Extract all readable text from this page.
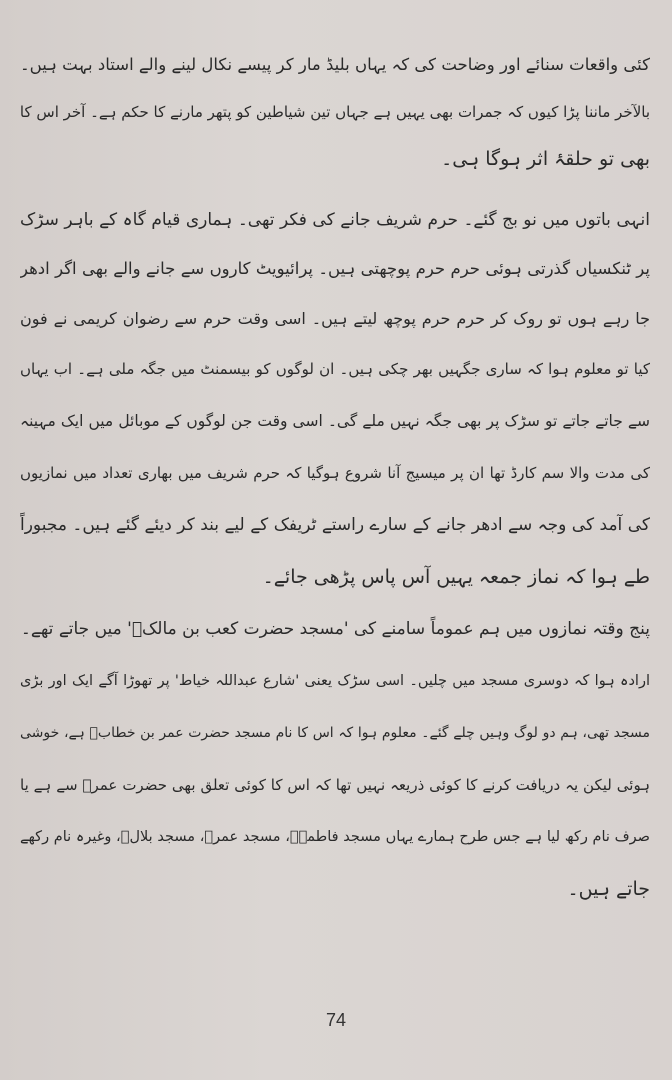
کئی واقعات سنائے اور وضاحت کی کہ یہاں بلیڈ مار کر پیسے نکال لینے والے استاد بہت ہیں۔
بالآخر ماننا پڑا کیوں کہ جمرات بھی یہیں ہے جہاں تین شیاطین کو پتھر مارنے کا حکم ہے۔ آخر اس کا
بھی تو حلقۂ اثر ہوگا ہی۔
انہی باتوں میں نو بج گئے۔ حرم شریف جانے کی فکر تھی۔ ہماری قیام گاہ کے باہر سڑک
پر ٹنکسیاں گذرتی ہوئی حرم حرم پوچھتی ہیں۔ پرائیویٹ کاروں سے جانے والے بھی اگر ادھر
جا رہے ہوں تو روک کر حرم حرم پوچھ لیتے ہیں۔ اسی وقت حرم سے رضوان کریمی نے فون
کیا تو معلوم ہوا کہ ساری جگہیں بھر چکی ہیں۔ ان لوگوں کو بیسمنٹ میں جگہ ملی ہے۔ اب یہاں
سے جاتے جاتے تو سڑک پر بھی جگہ نہیں ملے گی۔ اسی وقت جن لوگوں کے موبائل میں ایک مہینہ
کی مدت والا سم کارڈ تھا ان پر میسیج آنا شروع ہوگیا کہ حرم شریف میں بھاری تعداد میں نمازیوں
کی آمد کی وجہ سے ادھر جانے کے سارے راستے ٹریفک کے لیے بند کر دیئے گئے ہیں۔ مجبوراً
طے ہوا کہ نماز جمعہ یہیں آس پاس پڑھی جائے۔
پنج وقتہ نمازوں میں ہم عموماً سامنے کی 'مسجد حضرت کعب بن مالکؓ' میں جاتے تھے۔
ارادہ ہوا کہ دوسری مسجد میں چلیں۔ اسی سڑک یعنی 'شارع عبداللہ خیاط' پر تھوڑا آگے ایک اور بڑی
مسجد تھی، ہم دو لوگ وہیں چلے گئے۔ معلوم ہوا کہ اس کا نام مسجد حضرت عمر بن خطابؓ ہے، خوشی
ہوئی لیکن یہ دریافت کرنے کا کوئی ذریعہ نہیں تھا کہ اس کا کوئی تعلق بھی حضرت عمرؓ سے ہے یا
صرف نام رکھ لیا ہے جس طرح ہمارے یہاں مسجد فاطمہؓ، مسجد عمرؓ، مسجد بلالؓ، وغیرہ نام رکھے
جاتے ہیں۔
74
